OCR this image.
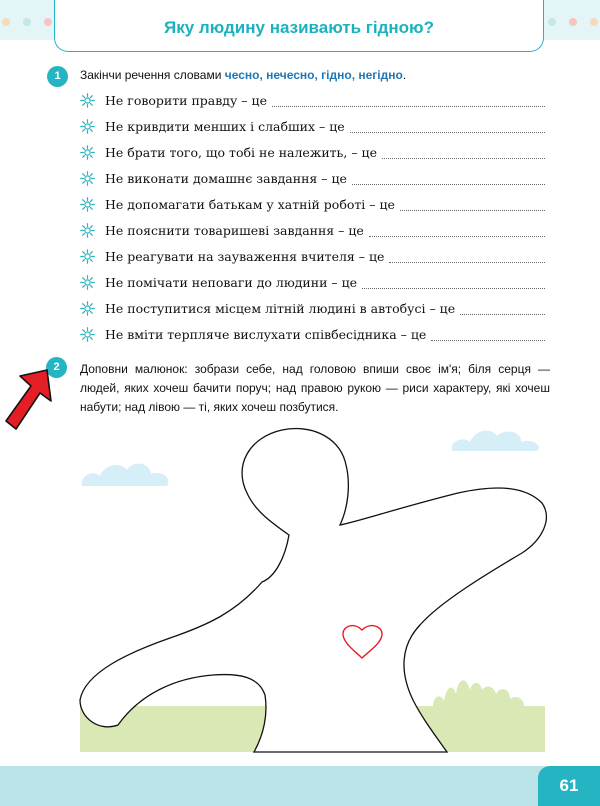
Яку людину називають гідною?
1	Закінчи речення словами чесно, нечесно, гідно, негідно.
Не говорити правду – це
Не кривдити менших і слабших – це
Не брати того, що тобі не належить, – це
Не виконати домашнє завдання – це
Не допомагати батькам у хатній роботі – це
Не пояснити товаришеві завдання – це
Не реагувати на зауваження вчителя – це
Не помічати неповаги до людини – це
Не поступитися місцем літній людині в автобусі – це
Не вміти терпляче вислухати співбесідника – це
2	Доповни малюнок: зобрази себе, над головою впиши своє ім'я; біля серця — людей, яких хочеш бачити поруч; над правою рукою — риси характеру, які хочеш набути; над лівою — ті, яких хочеш позбутися.
61
